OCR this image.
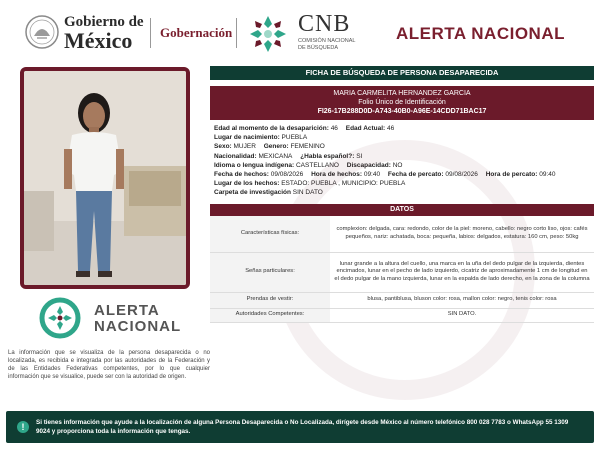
Gobierno de
México	Gobernación	CNB
COMISIÓN NACIONAL
DE BÚSQUEDA
ALERTA NACIONAL
FICHA DE BÚSQUEDA DE PERSONA DESAPARECIDA
MARIA CARMELITA HERNANDEZ GARCIA
Folio Único de Identificación
FI26-17B288D0D-A743-40B0-A96E-14CDD71BAC17
Edad al momento de la desaparición: 46 Edad Actual: 46
Lugar de nacimiento: PUEBLA
Sexo: MUJER Genero: FEMENINO
Nacionalidad: MEXICANA ¿Habla español?: SI
Idioma o lengua indígena: CASTELLANO Discapacidad: NO
Fecha de hechos: 09/08/2026 Hora de hechos: 09:40 Fecha de percato: 09/08/2026 Hora de percato: 09:40
Lugar de los hechos: ESTADO: PUEBLA , MUNICIPIO: PUEBLA
Carpeta de investigación SIN DATO
DATOS
Características físicas:	complexion: delgada, cara: redondo, color de la piel: moreno, cabello: negro corto liso, ojos: cafés pequeños, nariz: achatada, boca: pequeña, labios: delgados, estatura: 160 cm, peso: 50kg
Señas particulares:	lunar grande a la altura del cuello, una marca en la uña del dedo pulgar de la izquierda, dientes encimados, lunar en el pecho de lado izquierdo, cicatriz de aproximadamente 1 cm de longitud en el dedo pulgar de la mano izquierda, lunar en la espalda de lado derecho, en la zona de la columna
Prendas de vestir:	blusa, pantiblusa, bluson color: rosa, mallon color: negro, tenis color: rosa
Autoridades Competentes:	SIN DATO.
ALERTA
NACIONAL
La información que se visualiza de la persona desaparecida o no localizada, es recibida e integrada por las autoridades de la Federación y de las Entidades Federativas competentes, por lo que cualquier información que se visualice, puede ser con la autoridad de origen.
!	Si tienes información que ayude a la localización de alguna Persona Desaparecida o No Localizada, dirígete desde México al número telefónico 800 028 7783 o WhatsApp 55 1309 9024 y proporciona toda la información que tengas.
